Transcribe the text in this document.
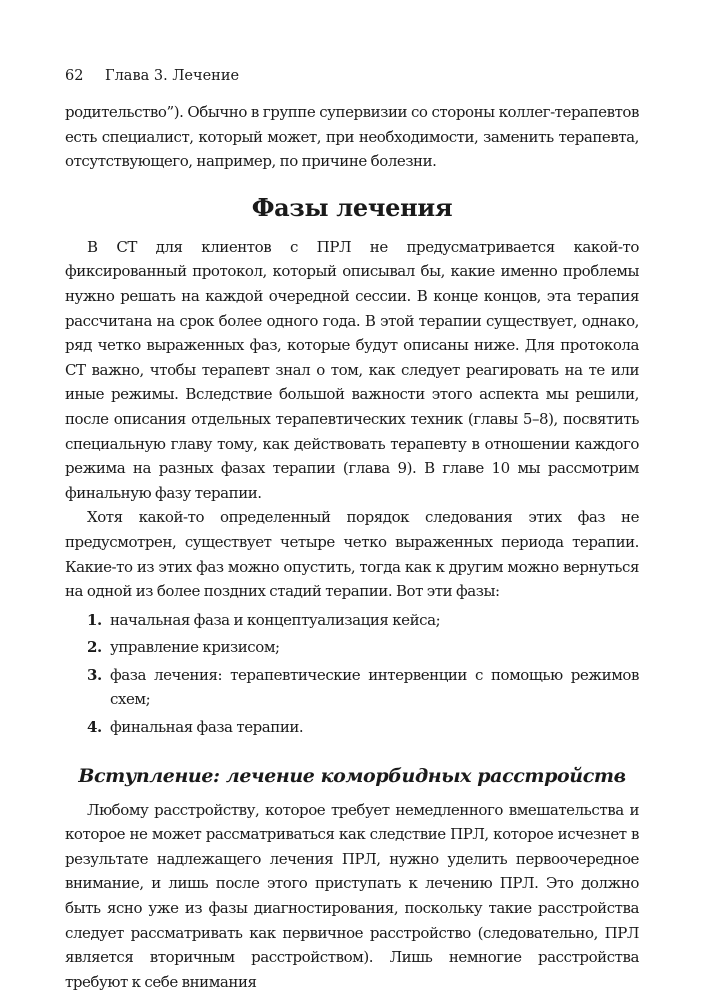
62 Глава 3. Лечение

родительство”). Обычно в группе супервизии со стороны коллег-терапевтов есть специалист, который может, при необходимости, заменить терапевта, отсутствующего, например, по причине болезни.

Фазы лечения

В СТ для клиентов с ПРЛ не предусматривается какой-то фиксированный протокол, который описывал бы, какие именно проблемы нужно решать на каждой очередной сессии. В конце концов, эта терапия рассчитана на срок более одного года. В этой терапии существует, однако, ряд четко выраженных фаз, которые будут описаны ниже. Для протокола СТ важно, чтобы терапевт знал о том, как следует реагировать на те или иные режимы. Вследствие большой важности этого аспекта мы решили, после описания отдельных терапевтических техник (главы 5–8), посвятить специальную главу тому, как действовать терапевту в отношении каждого режима на разных фазах терапии (глава 9). В главе 10 мы рассмотрим финальную фазу терапии.

Хотя какой-то определенный порядок следования этих фаз не предусмотрен, существует четыре четко выраженных периода терапии. Какие-то из этих фаз можно опустить, тогда как к другим можно вернуться на одной из более поздних стадий терапии. Вот эти фазы:

1. начальная фаза и концептуализация кейса;
2. управление кризисом;
3. фаза лечения: терапевтические интервенции с помощью режимов схем;
4. финальная фаза терапии.
Вступление: лечение коморбидных расстройств

Любому расстройству, которое требует немедленного вмешательства и которое не может рассматриваться как следствие ПРЛ, которое исчезнет в результате надлежащего лечения ПРЛ, нужно уделить первоочередное внимание, и лишь после этого приступать к лечению ПРЛ. Это должно быть ясно уже из фазы диагностирования, поскольку такие расстройства следует рассматривать как первичное расстройство (следовательно, ПРЛ является вторичным расстройством). Лишь немногие расстройства требуют к себе внимания
